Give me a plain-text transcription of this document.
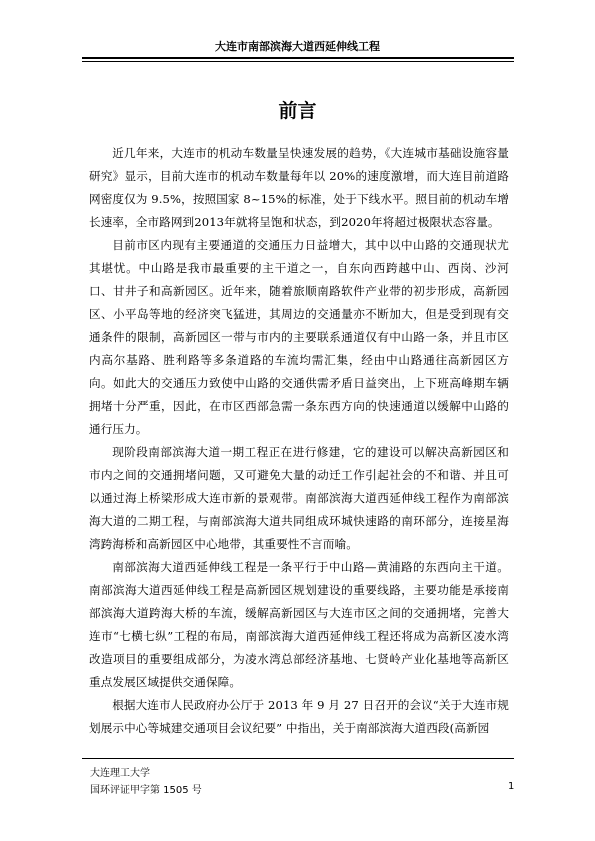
大连市南部滨海大道西延伸线工程
前言

近几年来，大连市的机动车数量呈快速发展的趋势，《大连城市基础设施容量研究》显示，目前大连市的机动车数量每年以 20%的速度激增，而大连目前道路网密度仅为 9.5%，按照国家 8~15%的标准，处于下线水平。照目前的机动车增长速率，全市路网到2013年就将呈饱和状态，到2020年将超过极限状态容量。

目前市区内现有主要通道的交通压力日益增大，其中以中山路的交通现状尤其堪忧。中山路是我市最重要的主干道之一，自东向西跨越中山、西岗、沙河口、甘井子和高新园区。近年来，随着旅顺南路软件产业带的初步形成，高新园区、小平岛等地的经济突飞猛进，其周边的交通量亦不断加大，但是受到现有交通条件的限制，高新园区一带与市内的主要联系通道仅有中山路一条，并且市区内高尔基路、胜利路等多条道路的车流均需汇集，经由中山路通往高新园区方向。如此大的交通压力致使中山路的交通供需矛盾日益突出，上下班高峰期车辆拥堵十分严重，因此，在市区西部急需一条东西方向的快速通道以缓解中山路的通行压力。

现阶段南部滨海大道一期工程正在进行修建，它的建设可以解决高新园区和市内之间的交通拥堵问题，又可避免大量的动迁工作引起社会的不和谐、并且可以通过海上桥梁形成大连市新的景观带。南部滨海大道西延伸线工程作为南部滨海大道的二期工程，与南部滨海大道共同组成环城快速路的南环部分，连接星海湾跨海桥和高新园区中心地带，其重要性不言而喻。

南部滨海大道西延伸线工程是一条平行于中山路—黄浦路的东西向主干道。南部滨海大道西延伸线工程是高新园区规划建设的重要线路，主要功能是承接南部滨海大道跨海大桥的车流，缓解高新园区与大连市区之间的交通拥堵，完善大连市“七横七纵”工程的布局，南部滨海大道西延伸线工程还将成为高新区凌水湾改造项目的重要组成部分，为凌水湾总部经济基地、七贤岭产业化基地等高新区重点发展区域提供交通保障。

根据大连市人民政府办公厅于 2013 年 9 月 27 日召开的会议“关于大连市规划展示中心等城建交通项目会议纪要” 中指出，关于南部滨海大道西段(高新园

大连理工大学
国环评证甲字第 1505 号	1
